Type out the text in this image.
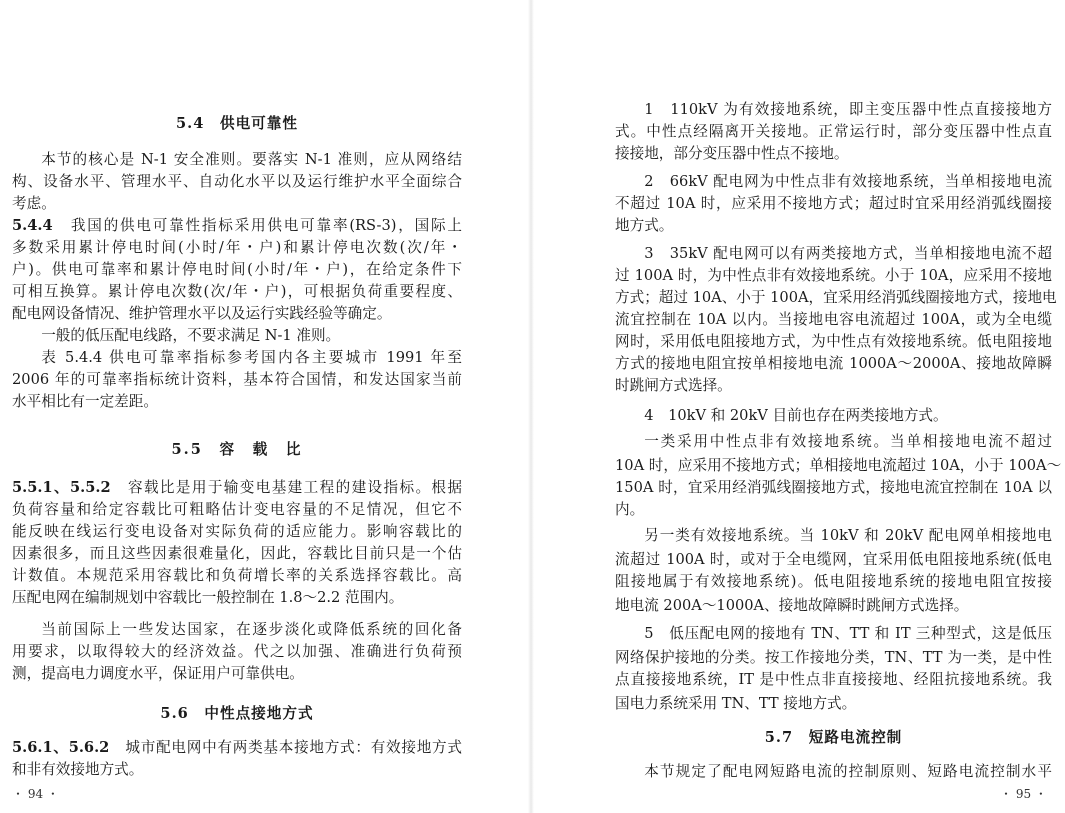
5.4　供电可靠性
本节的核心是 N-1 安全准则。要落实 N-1 准则，应从网络结
构、设备水平、管理水平、自动化水平以及运行维护水平全面综合
考虑。
5.4.4　 我国的供电可靠性指标采用供电可靠率(RS-3)，国际上
多数采用累计停电时间(小时/年・户)和累计停电次数(次/年・
户)。供电可靠率和累计停电时间(小时/年・户)，在给定条件下
可相互换算。累计停电次数(次/年・户)，可根据负荷重要程度、
配电网设备情况、维护管理水平以及运行实践经验等确定。
一般的低压配电线路，不要求满足 N-1 准则。
表 5.4.4 供电可靠率指标参考国内各主要城市 1991 年至
2006 年的可靠率指标统计资料，基本符合国情，和发达国家当前
水平相比有一定差距。
5.5　容　载　比
5.5.1、5.5.2　 容载比是用于输变电基建工程的建设指标。根据
负荷容量和给定容载比可粗略估计变电容量的不足情况，但它不
能反映在线运行变电设备对实际负荷的适应能力。影响容载比的
因素很多，而且这些因素很难量化，因此，容载比目前只是一个估
计数值。本规范采用容载比和负荷增长率的关系选择容载比。高
压配电网在编制规划中容载比一般控制在 1.8～2.2 范围内。
当前国际上一些发达国家，在逐步淡化或降低系统的回化备
用要求，以取得较大的经济效益。代之以加强、准确进行负荷预
测，提高电力调度水平，保证用户可靠供电。
5.6　中性点接地方式
5.6.1、5.6.2　 城市配电网中有两类基本接地方式：有效接地方式
和非有效接地方式。
・ 94 ・
1　110kV 为有效接地系统，即主变压器中性点直接接地方
式。中性点经隔离开关接地。正常运行时，部分变压器中性点直
接接地，部分变压器中性点不接地。
2　66kV 配电网为中性点非有效接地系统，当单相接地电流
不超过 10A 时，应采用不接地方式；超过时宜采用经消弧线圈接
地方式。
3　35kV 配电网可以有两类接地方式，当单相接地电流不超
过 100A 时，为中性点非有效接地系统。小于 10A，应采用不接地
方式；超过 10A、小于 100A，宜采用经消弧线圈接地方式，接地电
流宜控制在 10A 以内。当接地电容电流超过 100A，或为全电缆
网时，采用低电阻接地方式，为中性点有效接地系统。低电阻接地
方式的接地电阻宜按单相接地电流 1000A～2000A、接地故障瞬
时跳闸方式选择。
4　10kV 和 20kV 目前也存在两类接地方式。
一类采用中性点非有效接地系统。当单相接地电流不超过
10A 时，应采用不接地方式；单相接地电流超过 10A，小于 100A～
150A 时，宜采用经消弧线圈接地方式，接地电流宜控制在 10A 以
内。
另一类有效接地系统。当 10kV 和 20kV 配电网单相接地电
流超过 100A 时，或对于全电缆网，宜采用低电阻接地系统(低电
阻接地属于有效接地系统)。低电阻接地系统的接地电阻宜按接
地电流 200A～1000A、接地故障瞬时跳闸方式选择。
5　低压配电网的接地有 TN、TT 和 IT 三种型式，这是低压
网络保护接地的分类。按工作接地分类，TN、TT 为一类，是中性
点直接接地系统，IT 是中性点非直接接地、经阻抗接地系统。我
国电力系统采用 TN、TT 接地方式。
5.7　短路电流控制
本节规定了配电网短路电流的控制原则、短路电流控制水平
・ 95 ・
